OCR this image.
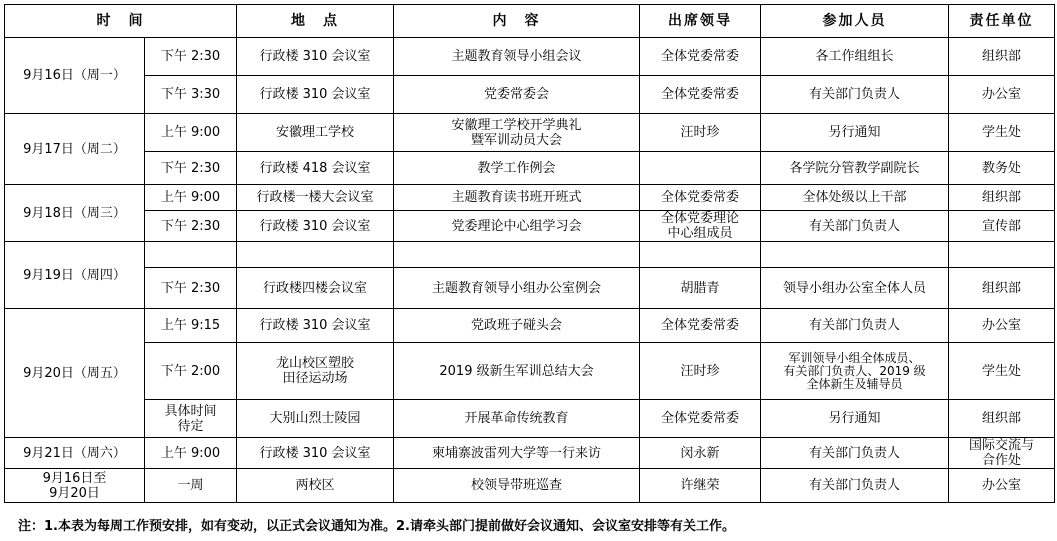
时　间		地　点	内　容	出席领导	参加人员	责任单位
9月16日（周一）	下午 2:30	行政楼 310 会议室	主题教育领导小组会议	全体党委常委	各工作组组长	组织部
	下午 3:30	行政楼 310 会议室	党委常委会	全体党委常委	有关部门负责人	办公室
9月17日（周二）	上午 9:00	安徽理工学校	安徽理工学校开学典礼
暨军训动员大会	汪时珍	另行通知	学生处
	下午 2:30	行政楼 418 会议室	教学工作例会		各学院分管教学副院长	教务处
9月18日（周三）	上午 9:00	行政楼一楼大会议室	主题教育读书班开班式	全体党委常委	全体处级以上干部	组织部
	下午 2:30	行政楼 310 会议室	党委理论中心组学习会	全体党委理论
中心组成员	有关部门负责人	宣传部
9月19日（周四）						
	下午 2:30	行政楼四楼会议室	主题教育领导小组办公室例会	胡腊青	领导小组办公室全体人员	组织部
9月20日（周五）	上午 9:15	行政楼 310 会议室	党政班子碰头会	全体党委常委	有关部门负责人	办公室
	下午 2:00	龙山校区塑胶
田径运动场	2019 级新生军训总结大会	汪时珍	军训领导小组全体成员、
有关部门负责人、2019 级
全体新生及辅导员	学生处
	具体时间
待定	大别山烈士陵园	开展革命传统教育	全体党委常委	另行通知	组织部
9月21日（周六）	上午 9:00	行政楼 310 会议室	柬埔寨波雷列大学等一行来访	闵永新	有关部门负责人	国际交流与
合作处
9月16日至
9月20日	一周	两校区	校领导带班巡查	许继荣	有关部门负责人	办公室
注：1.本表为每周工作预安排，如有变动，以正式会议通知为准。2.请牵头部门提前做好会议通知、会议室安排等有关工作。
